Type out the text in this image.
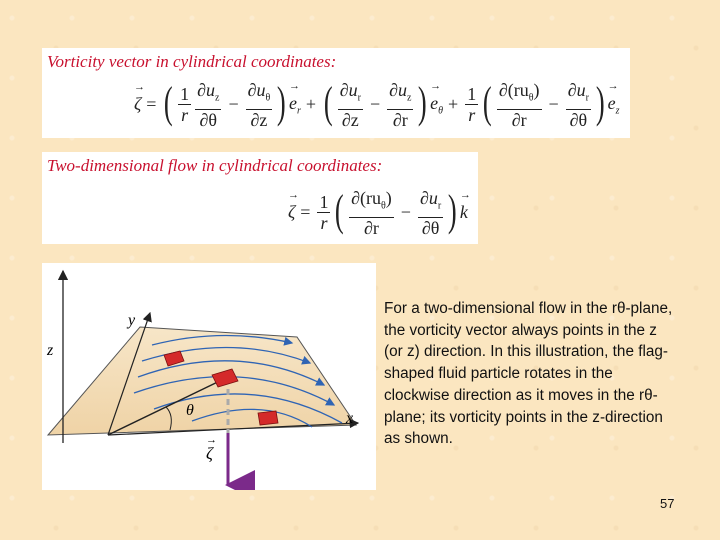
Vorticity vector in cylindrical coordinates:
→ ζ = ( $\frac{1}{r} \frac{\partial u_z}{\partial\theta} - \frac{\partial u_\theta}{\partial z}$ ) → $e_r$ + ( $\frac{\partial u_r}{\partial z} - \frac{\partial u_z}{\partial r}$ ) → $e_\theta + \frac{1}{r}$ ( $\frac{\partial(ru_\theta)}{\partial r} - \frac{\partial u_r}{\partial\theta}$ ) → $e_z$
Two-dimensional flow in cylindrical coordinates:
→ $\zeta = \frac{1}{r}$ ( $\frac{\partial(ru_\theta)}{\partial r} - \frac{\partial u_r}{\partial\theta}$ ) → k
y
z
x
θ
ζ
→
For a two-dimensional flow in the rθ-plane, the vorticity vector always points in the z (or z) direction. In this illustration, the flag-shaped fluid particle rotates in the clockwise direction as it moves in the rθ-plane; its vorticity points in the z-direction as shown.
57
